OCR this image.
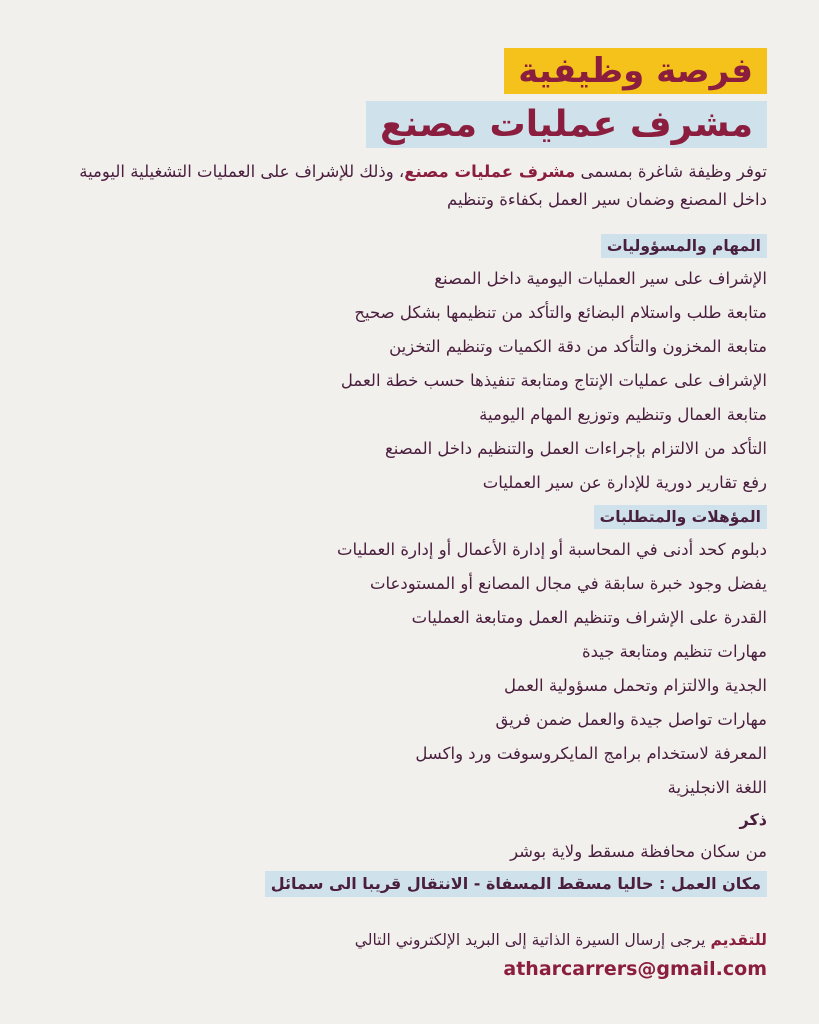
فرصة وظيفية
مشرف عمليات مصنع
توفر وظيفة شاغرة بمسمى مشرف عمليات مصنع، وذلك للإشراف على العمليات التشغيلية اليومية داخل المصنع وضمان سير العمل بكفاءة وتنظيم
المهام والمسؤوليات
الإشراف على سير العمليات اليومية داخل المصنع
متابعة طلب واستلام البضائع والتأكد من تنظيمها بشكل صحيح
متابعة المخزون والتأكد من دقة الكميات وتنظيم التخزين
الإشراف على عمليات الإنتاج ومتابعة تنفيذها حسب خطة العمل
متابعة العمال وتنظيم وتوزيع المهام اليومية
التأكد من الالتزام بإجراءات العمل والتنظيم داخل المصنع
رفع تقارير دورية للإدارة عن سير العمليات
المؤهلات والمتطلبات
دبلوم كحد أدنى في المحاسبة أو إدارة الأعمال أو إدارة العمليات
يفضل وجود خبرة سابقة في مجال المصانع أو المستودعات
القدرة على الإشراف وتنظيم العمل ومتابعة العمليات
مهارات تنظيم ومتابعة جيدة
الجدية والالتزام وتحمل مسؤولية العمل
مهارات تواصل جيدة والعمل ضمن فريق
المعرفة لاستخدام برامج المايكروسوفت ورد واكسل
اللغة الانجليزية
ذكر
من سكان محافظة مسقط ولاية بوشر
مكان العمل : حاليا مسقط المسفاة - الانتقال قريبا الى سمائل
للتقديم يرجى إرسال السيرة الذاتية إلى البريد الإلكتروني التالي
atharcarrers@gmail.com
